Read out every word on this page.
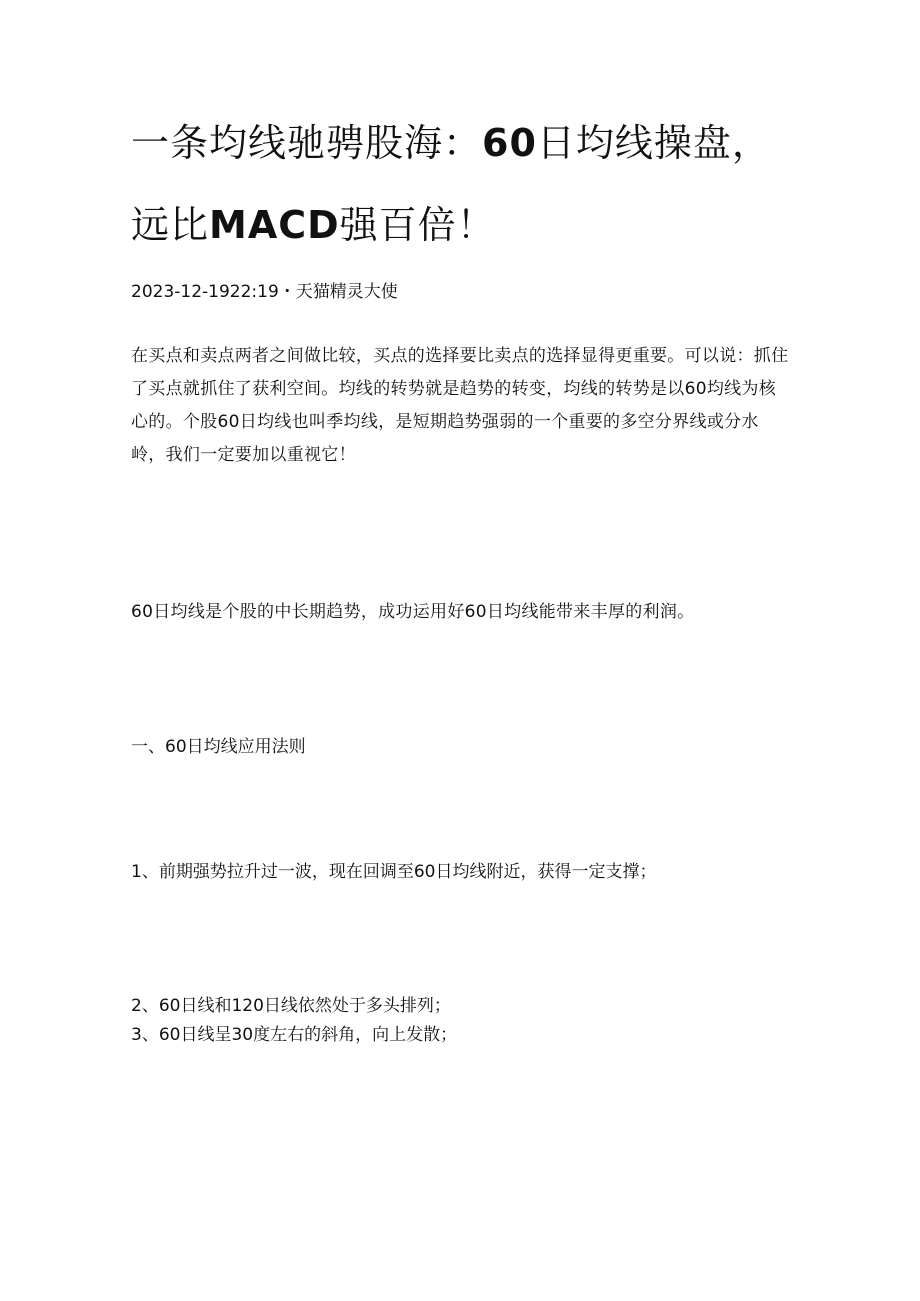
一条均线驰骋股海：60日均线操盘，
远比MACD强百倍！
2023-12-1922:19・天猫精灵大使

在买点和卖点两者之间做比较，买点的选择要比卖点的选择显得更重要。可以说：抓住了买点就抓住了获利空间。均线的转势就是趋势的转变，均线的转势是以60均线为核心的。个股60日均线也叫季均线，是短期趋势强弱的一个重要的多空分界线或分水岭，我们一定要加以重视它！

60日均线是个股的中长期趋势，成功运用好60日均线能带来丰厚的利润。

一、60日均线应用法则
1、前期强势拉升过一波，现在回调至60日均线附近，获得一定支撑；
2、60日线和120日线依然处于多头排列；
3、60日线呈30度左右的斜角，向上发散；
